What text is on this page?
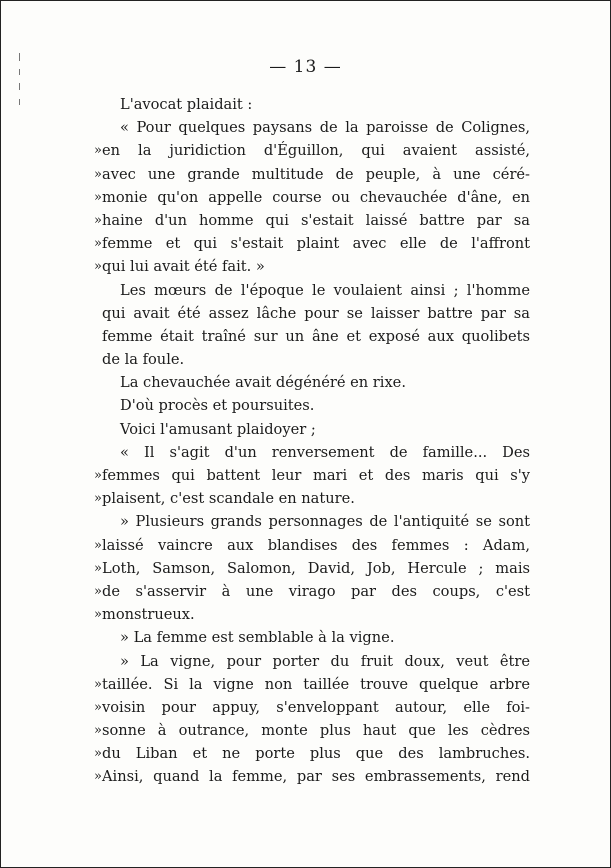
— 13 —
L'avocat plaidait :
« Pour quelques paysans de la paroisse de Colignes,
» en la juridiction d'Éguillon, qui avaient assisté,
» avec une grande multitude de peuple, à une céré-
» monie qu'on appelle course ou chevauchée d'âne, en
» haine d'un homme qui s'estait laissé battre par sa
» femme et qui s'estait plaint avec elle de l'affront
» qui lui avait été fait. »
Les mœurs de l'époque le voulaient ainsi ; l'homme
qui avait été assez lâche pour se laisser battre par sa
femme était traîné sur un âne et exposé aux quolibets
de la foule.
La chevauchée avait dégénéré en rixe.
D'où procès et poursuites.
Voici l'amusant plaidoyer ;
« Il s'agit d'un renversement de famille... Des
» femmes qui battent leur mari et des maris qui s'y
» plaisent, c'est scandale en nature.
» Plusieurs grands personnages de l'antiquité se sont
» laissé vaincre aux blandises des femmes : Adam,
» Loth, Samson, Salomon, David, Job, Hercule ; mais
» de s'asservir à une virago par des coups, c'est
» monstrueux.
» La femme est semblable à la vigne.
» La vigne, pour porter du fruit doux, veut être
» taillée. Si la vigne non taillée trouve quelque arbre
» voisin pour appuy, s'enveloppant autour, elle foi-
» sonne à outrance, monte plus haut que les cèdres
» du Liban et ne porte plus que des lambruches.
» Ainsi, quand la femme, par ses embrassements, rend
